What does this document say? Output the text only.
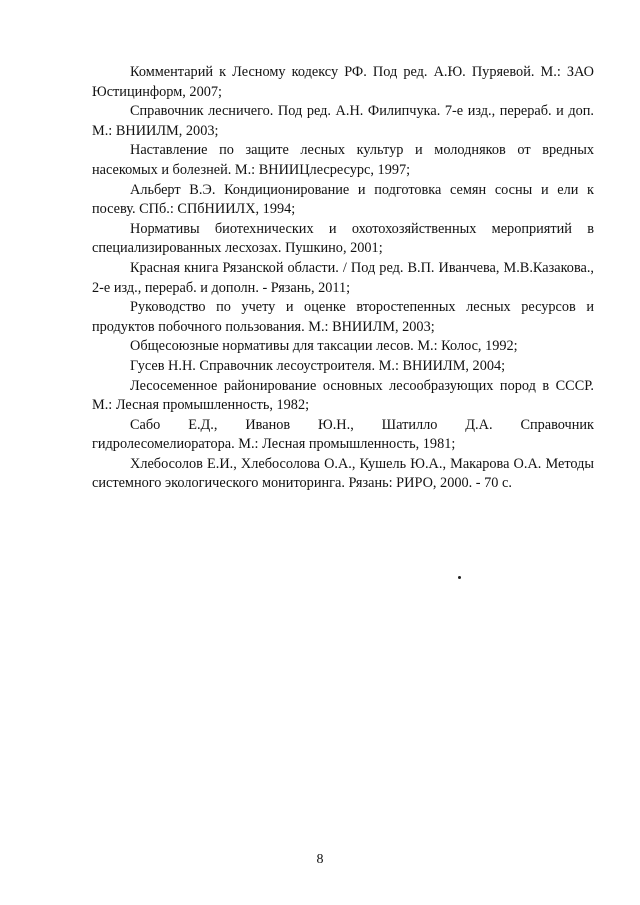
Комментарий к Лесному кодексу РФ. Под ред. А.Ю. Пуряевой. М.: ЗАО Юстицинформ, 2007;

Справочник лесничего. Под ред. А.Н. Филипчука. 7-е изд., перераб. и доп. М.: ВНИИЛМ, 2003;

Наставление по защите лесных культур и молодняков от вредных насекомых и болезней. М.: ВНИИЦлесресурс, 1997;

Альберт В.Э. Кондиционирование и подготовка семян сосны и ели к посеву. СПб.: СПбНИИЛХ, 1994;

Нормативы биотехнических и охотохозяйственных мероприятий в специализированных лесхозах. Пушкино, 2001;

Красная книга Рязанской области. / Под ред. В.П. Иванчева, М.В.Казакова., 2-е изд., перераб. и дополн. - Рязань, 2011;

Руководство по учету и оценке второстепенных лесных ресурсов и продуктов побочного пользования. М.: ВНИИЛМ, 2003;

Общесоюзные нормативы для таксации лесов. М.: Колос, 1992;

Гусев Н.Н. Справочник лесоустроителя. М.: ВНИИЛМ, 2004;

Лесосеменное районирование основных лесообразующих пород в СССР. М.: Лесная промышленность, 1982;

Сабо Е.Д., Иванов Ю.Н., Шатилло Д.А. Справочник гидролесомелиоратора. М.: Лесная промышленность, 1981;

Хлебосолов Е.И., Хлебосолова О.А., Кушель Ю.А., Макарова О.А. Методы системного экологического мониторинга. Рязань: РИРО, 2000. - 70 с.

8
